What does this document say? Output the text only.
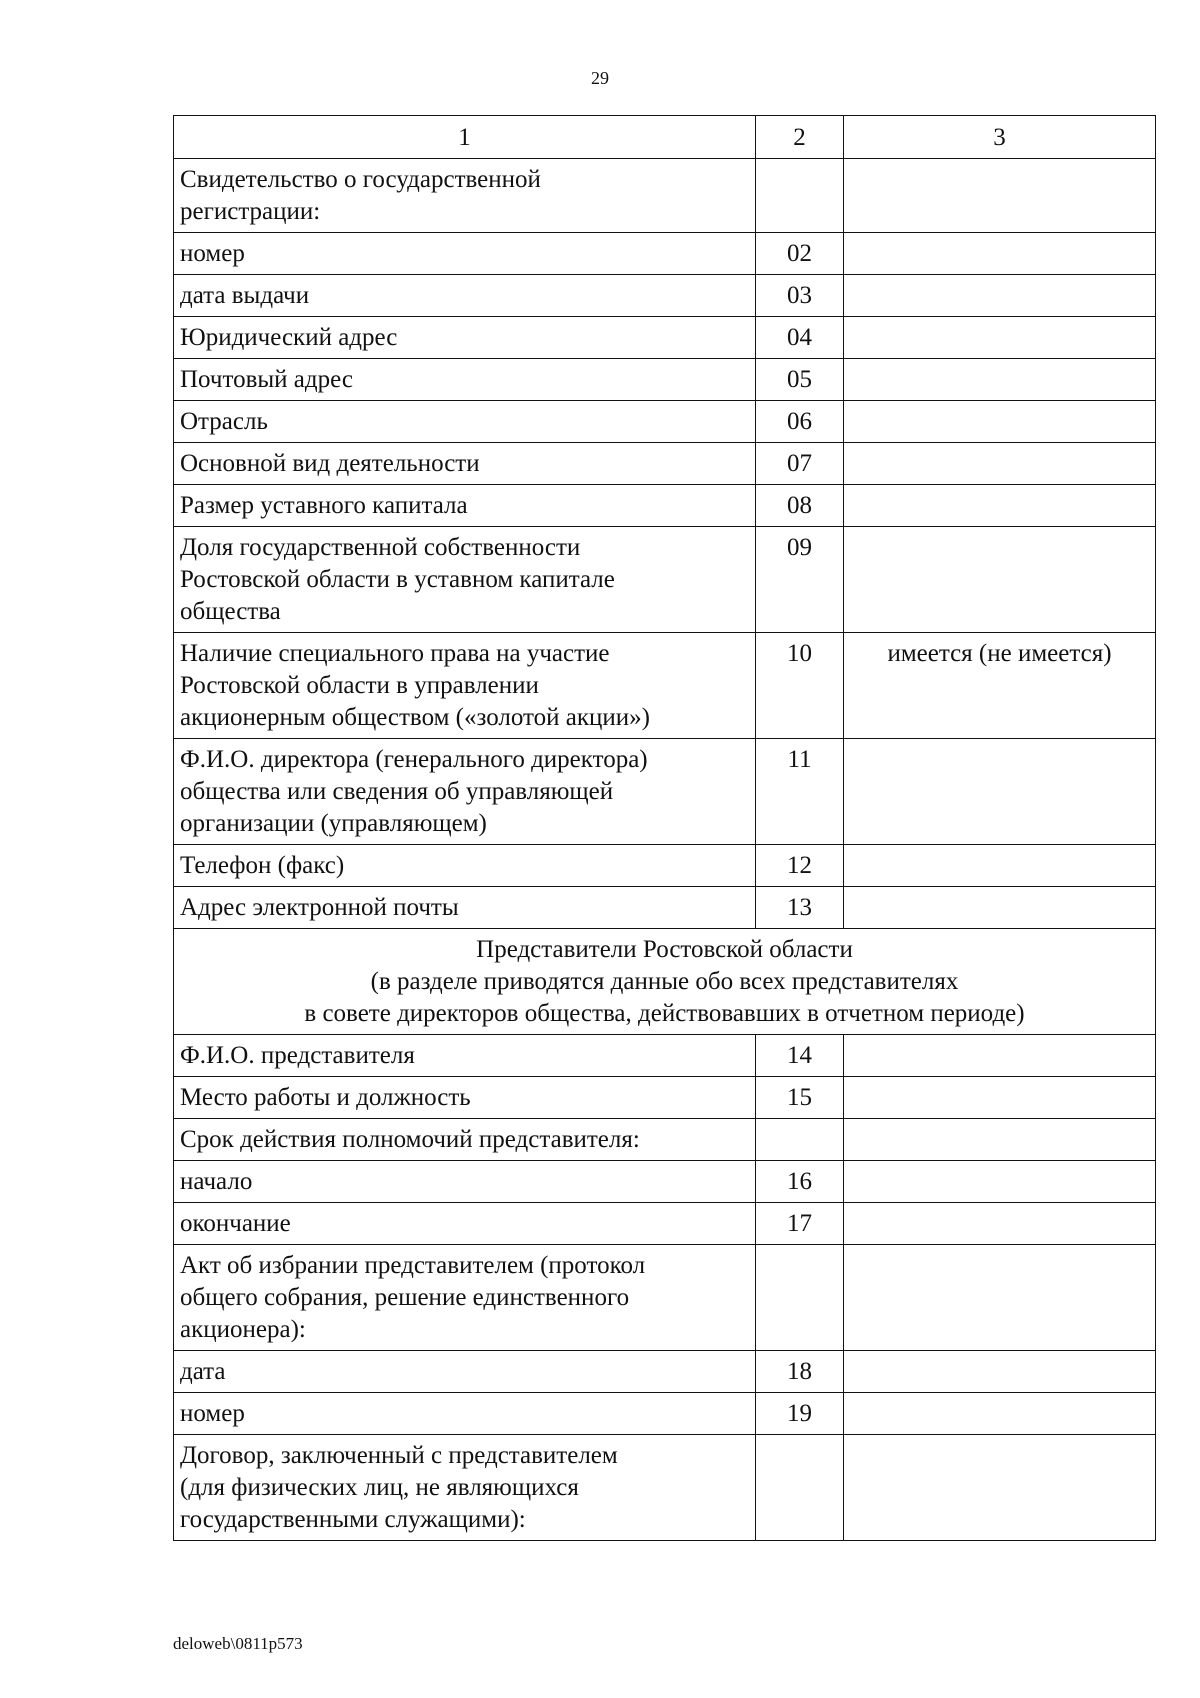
29
1	2	3
Свидетельство о государственной
регистрации:		
номер	02	
дата выдачи	03	
Юридический адрес	04	
Почтовый адрес	05	
Отрасль	06	
Основной вид деятельности	07	
Размер уставного капитала	08	
Доля государственной собственности
Ростовской области в уставном капитале
общества	09	
Наличие специального права на участие
Ростовской области в управлении
акционерным обществом («золотой акции»)	10	имеется (не имеется)
Ф.И.О. директора (генерального директора)
общества или сведения об управляющей
организации (управляющем)	11	
Телефон (факс)	12	
Адрес электронной почты	13	
Представители Ростовской области
(в разделе приводятся данные обо всех представителях
в совете директоров общества, действовавших в отчетном периоде)		
Ф.И.О. представителя	14	
Место работы и должность	15	
Срок действия полномочий представителя:		
начало	16	
окончание	17	
Акт об избрании представителем (протокол
общего собрания, решение единственного
акционера):		
дата	18	
номер	19	
Договор, заключенный с представителем
(для физических лиц, не являющихся
государственными служащими):		
deloweb\0811p573
